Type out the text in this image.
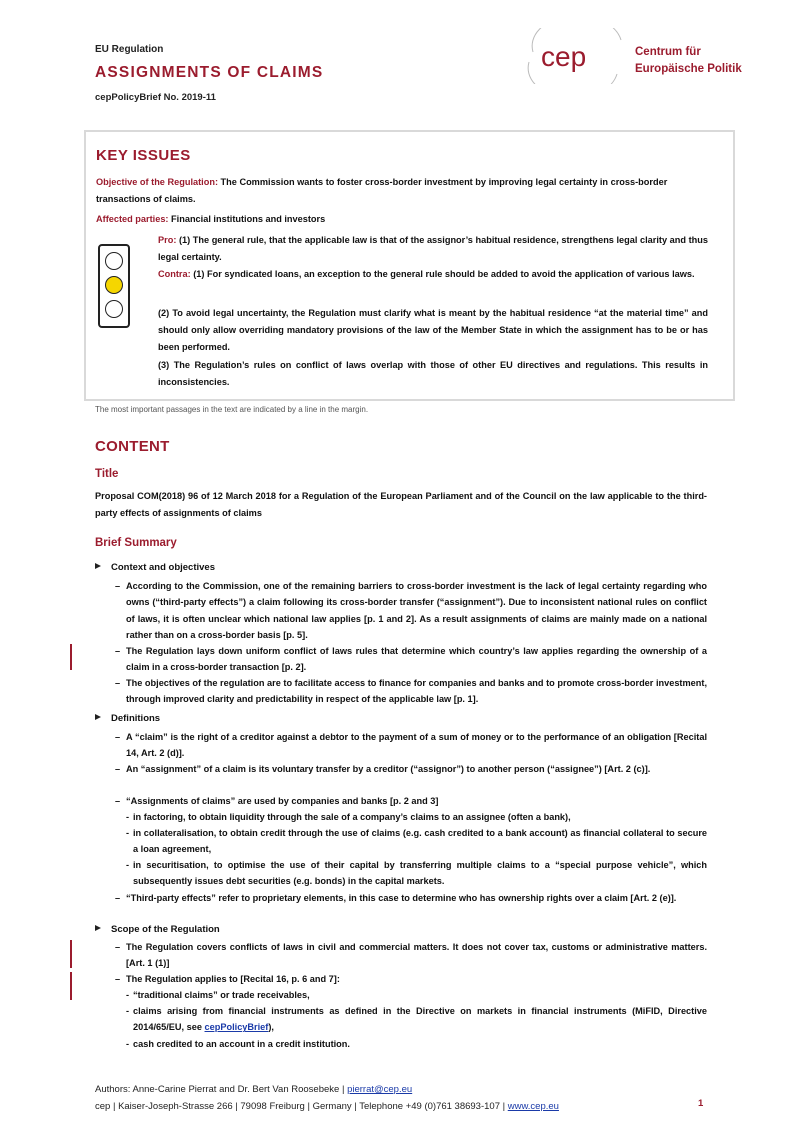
EU Regulation
ASSIGNMENTS OF CLAIMS
cepPolicyBrief No. 2019-11
cep	Centrum für
Europäische Politik
KEY ISSUES
Objective of the Regulation: The Commission wants to foster cross-border investment by improving legal certainty in cross-border transactions of claims.
Affected parties: Financial institutions and investors
Pro: (1) The general rule, that the applicable law is that of the assignor’s habitual residence, strengthens legal clarity and thus legal certainty.
Contra: (1) For syndicated loans, an exception to the general rule should be added to avoid the application of various laws.
(2) To avoid legal uncertainty, the Regulation must clarify what is meant by the habitual residence “at the material time” and should only allow overriding mandatory provisions of the law of the Member State in which the assignment has to be or has been performed.
(3) The Regulation’s rules on conflict of laws overlap with those of other EU directives and regulations. This results in inconsistencies.
The most important passages in the text are indicated by a line in the margin.
CONTENT
Title
Proposal COM(2018) 96 of 12 March 2018 for a Regulation of the European Parliament and of the Council on the law applicable to the third-party effects of assignments of claims
Brief Summary
Context and objectives
– According to the Commission, one of the remaining barriers to cross-border investment is the lack of legal certainty regarding who owns (“third-party effects”) a claim following its cross-border transfer (“assignment”). Due to inconsistent national rules on conflict of laws, it is often unclear which national law applies [p. 1 and 2]. As a result assignments of claims are mainly made on a national rather than on a cross-border basis [p. 5].
– The Regulation lays down uniform conflict of laws rules that determine which country’s law applies regarding the ownership of a claim in a cross-border transaction [p. 2].
– The objectives of the regulation are to facilitate access to finance for companies and banks and to promote cross-border investment, through improved clarity and predictability in respect of the applicable law [p. 1].
Definitions
– A “claim” is the right of a creditor against a debtor to the payment of a sum of money or to the performance of an obligation [Recital 14, Art. 2 (d)].
– An “assignment” of a claim is its voluntary transfer by a creditor (“assignor”) to another person (“assignee”) [Art. 2 (c)].
– “Assignments of claims” are used by companies and banks [p. 2 and 3]
- in factoring, to obtain liquidity through the sale of a company’s claims to an assignee (often a bank),
- in collateralisation, to obtain credit through the use of claims (e.g. cash credited to a bank account) as financial collateral to secure a loan agreement,
- in securitisation, to optimise the use of their capital by transferring multiple claims to a “special purpose vehicle”, which subsequently issues debt securities (e.g. bonds) in the capital markets.
– “Third-party effects” refer to proprietary elements, in this case to determine who has ownership rights over a claim [Art. 2 (e)].
Scope of the Regulation
– The Regulation covers conflicts of laws in civil and commercial matters. It does not cover tax, customs or administrative matters. [Art. 1 (1)]
– The Regulation applies to [Recital 16, p. 6 and 7]:
- “traditional claims” or trade receivables,
- claims arising from financial instruments as defined in the Directive on markets in financial instruments (MiFID, Directive 2014/65/EU, see cepPolicyBrief),
- cash credited to an account in a credit institution.
Authors: Anne-Carine Pierrat and Dr. Bert Van Roosebeke | pierrat@cep.eu
cep | Kaiser-Joseph-Strasse 266 | 79098 Freiburg | Germany | Telephone +49 (0)761 38693-107 | www.cep.eu	1
